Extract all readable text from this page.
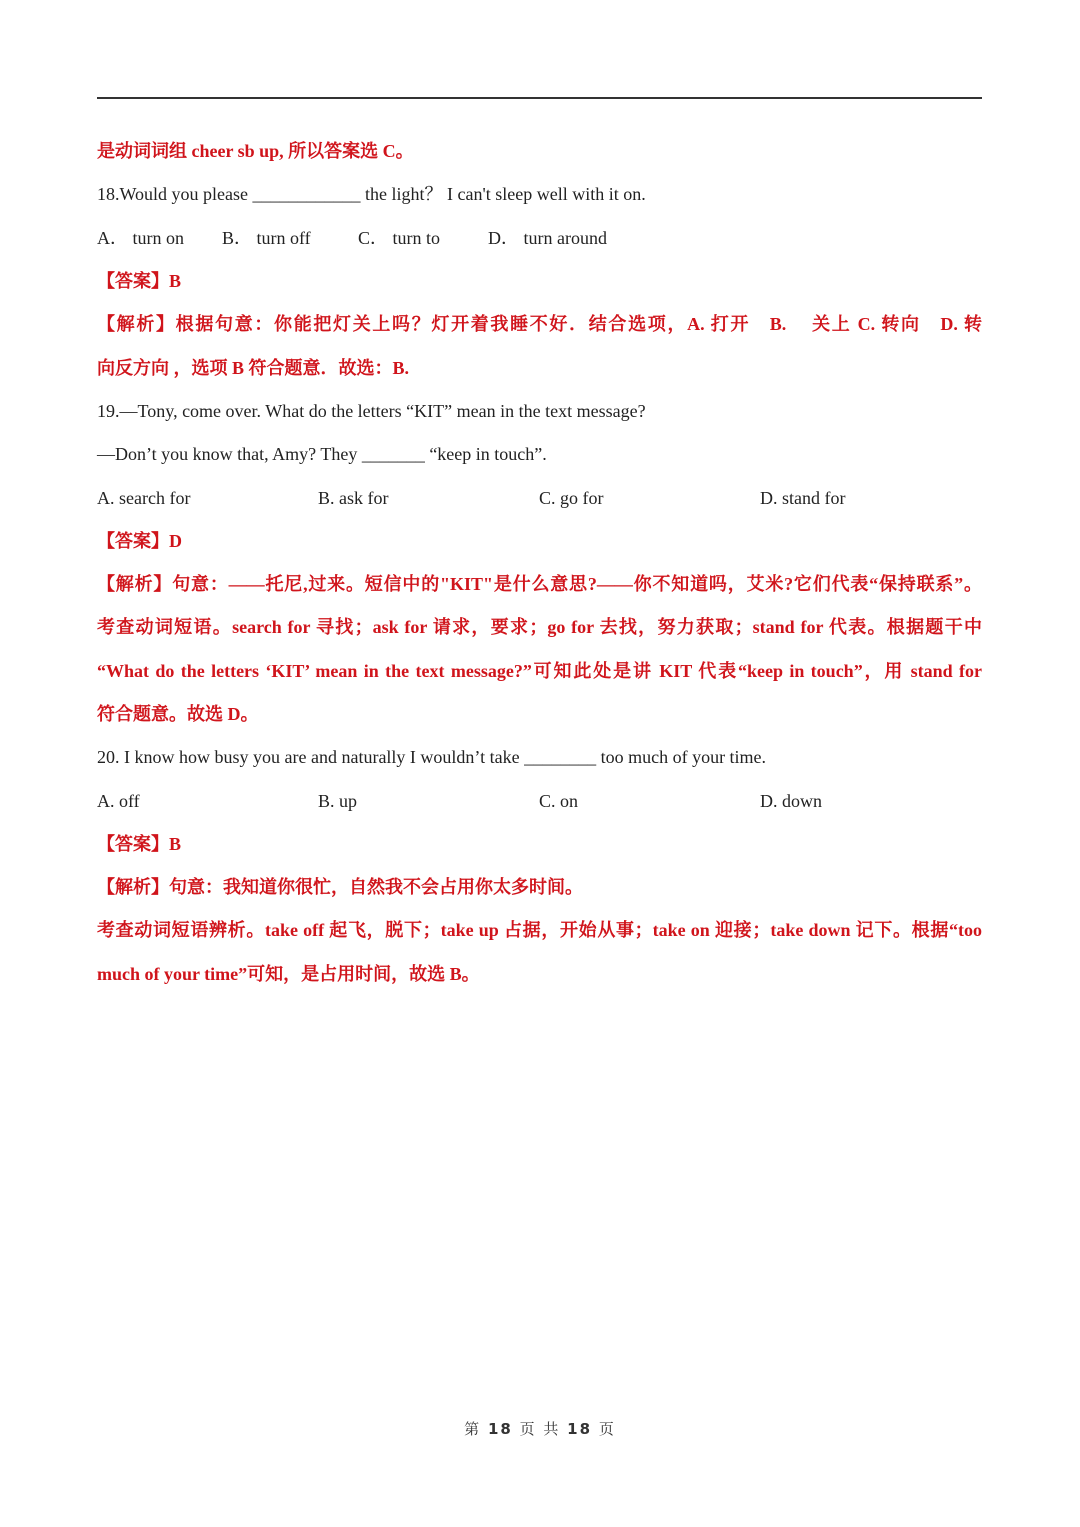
是动词词组 cheer sb up, 所以答案选 C。
18.Would you please ____________ the light？ I can't sleep well with it on.
A． turn on B． turn off	C． turn to	D． turn around
【答案】B
【解析】根据句意：你能把灯关上吗？灯开着我睡不好．结合选项，A. 打开　B. 　关上 C. 转向　D. 转
向反方向 ，选项 B 符合题意．故选：B.
19.—Tony, come over. What do the letters “KIT” mean in the text message?
—Don’t you know that, Amy? They _______ “keep in touch”.
A. search for	B. ask for	C. go for	D. stand for
【答案】D
【解析】句意：——托尼,过来。短信中的"KIT"是什么意思?——你不知道吗，艾米?它们代表“保持联系”。
考查动词短语。search for 寻找；ask for 请求，要求；go for 去找，努力获取；stand for 代表。根据题干中
“What do the letters ‘KIT’ mean in the text message?”可知此处是讲 KIT 代表“keep in touch”，用 stand for
符合题意。故选 D。
20. I know how busy you are and naturally I wouldn’t take ________ too much of your time.
A. off	B. up	C. on	D. down
【答案】B
【解析】句意：我知道你很忙，自然我不会占用你太多时间。
考查动词短语辨析。take off 起飞，脱下；take up 占据，开始从事；take on 迎接；take down 记下。根据“too
much of your time”可知，是占用时间，故选 B。
第 18 页 共 18 页
